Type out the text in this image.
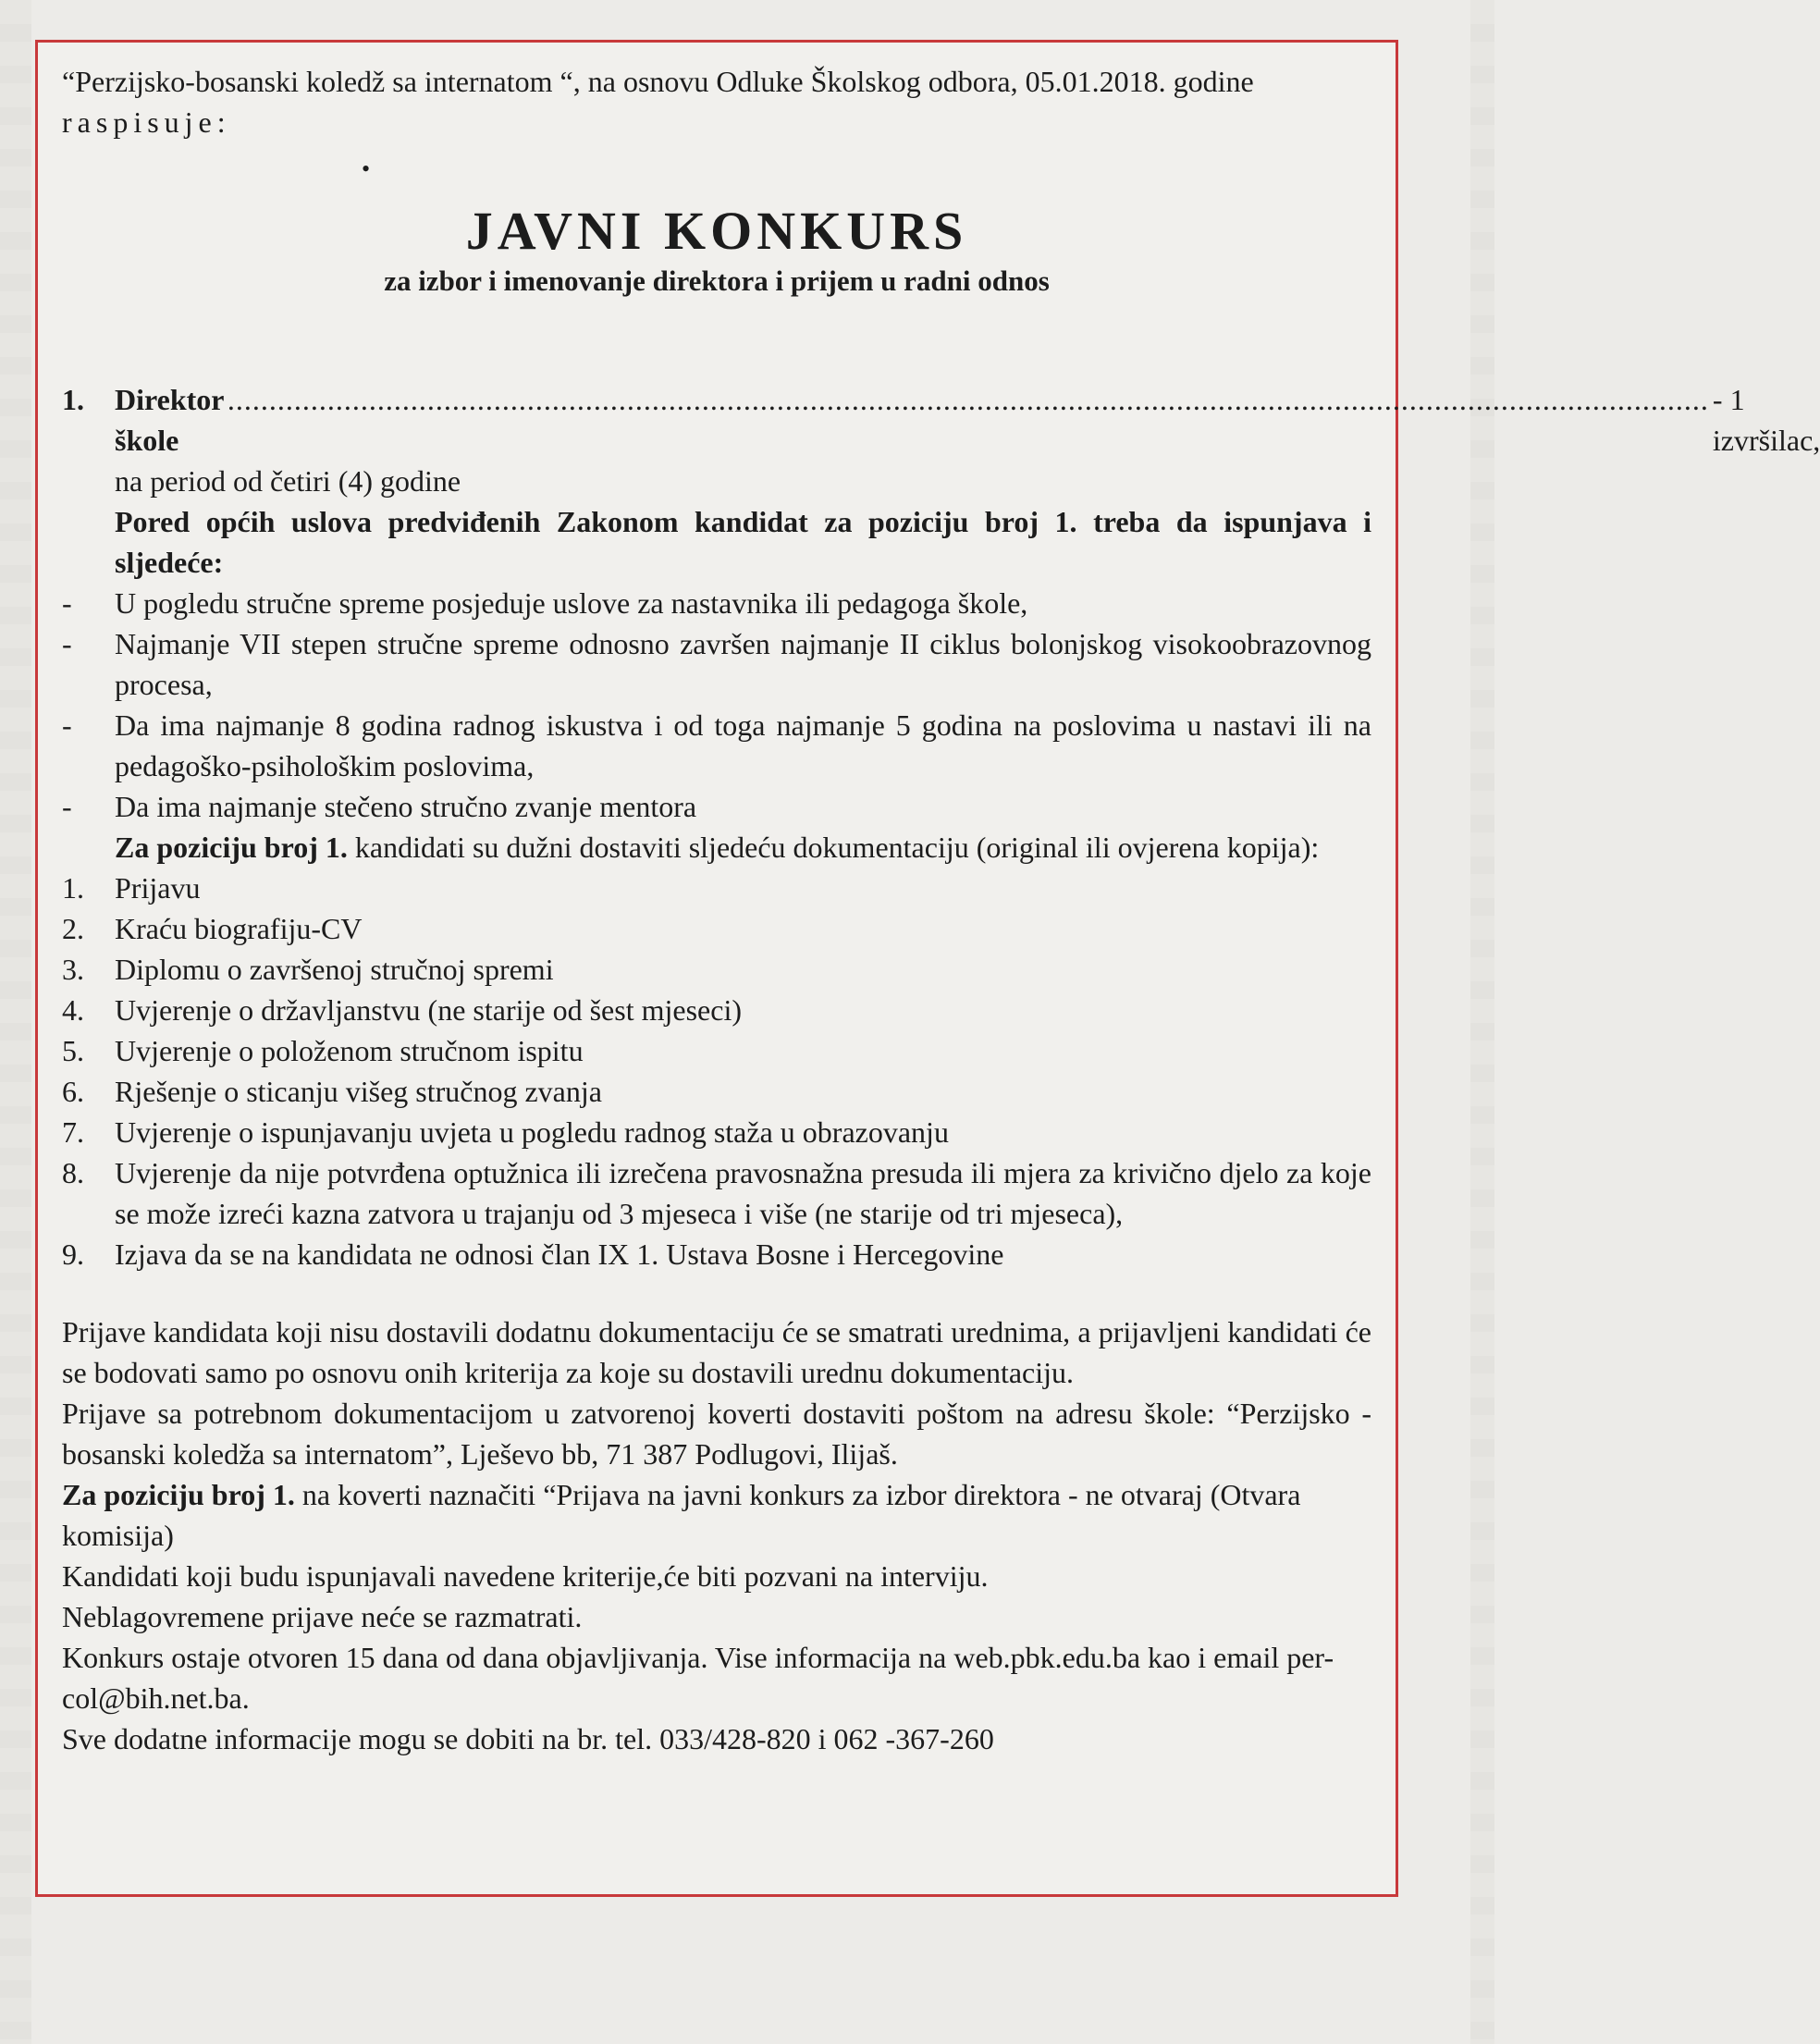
“Perzijsko-bosanski koledž sa internatom “, na osnovu Odluke Školskog odbora, 05.01.2018. godine

raspisuje:

•
JAVNI KONKURS
za izbor i imenovanje direktora i prijem u radni odnos
1.	Direktor škole
.................................................................................................................................................................................. - 1 izvršilac,

na period od četiri (4) godine

Pored općih uslova predviđenih Zakonom kandidat za poziciju broj 1. treba da ispunjava i sljedeće:

-	U pogledu stručne spreme posjeduje uslove za nastavnika ili pedagoga škole,
-	Najmanje VII stepen stručne spreme odnosno završen najmanje II ciklus bolonjskog visokoobrazovnog procesa,
-	Da ima najmanje 8 godina radnog iskustva i od toga najmanje 5 godina na poslovima u nastavi ili na pedagoško-psihološkim poslovima,
-	Da ima najmanje stečeno stručno zvanje mentora

Za poziciju broj 1. kandidati su dužni dostaviti sljedeću dokumentaciju (original ili ovjerena kopija):

1.	Prijavu
2.	Kraću biografiju-CV
3.	Diplomu o završenoj stručnoj spremi
4.	Uvjerenje o državljanstvu (ne starije od šest mjeseci)
5.	Uvjerenje o položenom stručnom ispitu
6.	Rješenje o sticanju višeg stručnog zvanja
7.	Uvjerenje o ispunjavanju uvjeta u pogledu radnog staža u obrazovanju
8.	Uvjerenje da nije potvrđena optužnica ili izrečena pravosnažna presuda ili mjera za krivično djelo za koje se može izreći kazna zatvora u trajanju od 3 mjeseca i više (ne starije od tri mjeseca),
9.	Izjava da se na kandidata ne odnosi član IX 1. Ustava Bosne i Hercegovine

Prijave kandidata koji nisu dostavili dodatnu dokumentaciju će se smatrati urednima, a prijavljeni kandidati će se bodovati samo po osnovu onih kriterija za koje su dostavili urednu dokumentaciju.

Prijave sa potrebnom dokumentacijom u zatvorenoj koverti dostaviti poštom na adresu škole: “Perzijsko -bosanski koledža sa internatom”, Lješevo bb, 71 387 Podlugovi, Ilijaš.

Za poziciju broj 1. na koverti naznačiti “Prijava na javni konkurs za izbor direktora - ne otvaraj (Otvara komisija)

Kandidati koji budu ispunjavali navedene kriterije,će biti pozvani na interviju.

Neblagovremene prijave neće se razmatrati.

Konkurs ostaje otvoren 15 dana od dana objavljivanja. Vise informacija na web.pbk.edu.ba kao i email per-col@bih.net.ba.

Sve dodatne informacije mogu se dobiti na br. tel. 033/428-820 i 062 -367-260
